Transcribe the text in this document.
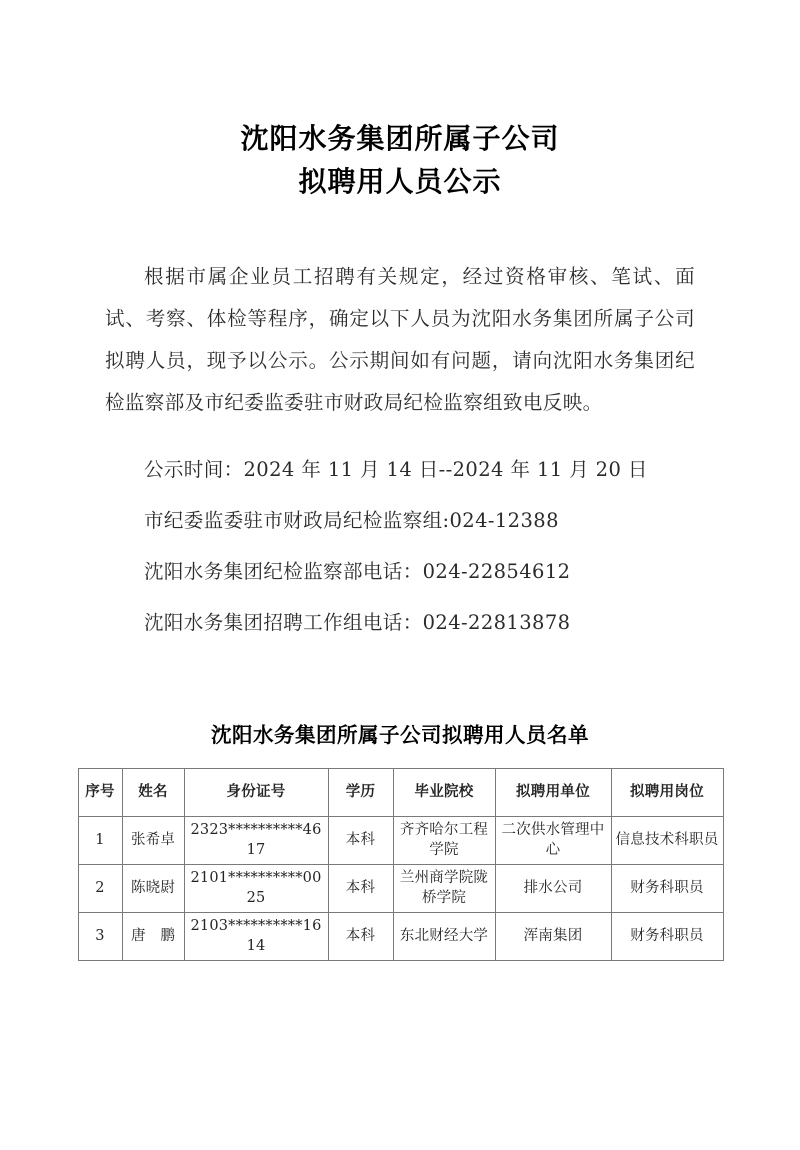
沈阳水务集团所属子公司
拟聘用人员公示

根据市属企业员工招聘有关规定，经过资格审核、笔试、面试、考察、体检等程序，确定以下人员为沈阳水务集团所属子公司拟聘人员，现予以公示。公示期间如有问题，请向沈阳水务集团纪检监察部及市纪委监委驻市财政局纪检监察组致电反映。

公示时间：2024 年 11 月 14 日--2024 年 11 月 20 日
市纪委监委驻市财政局纪检监察组:024-12388
沈阳水务集团纪检监察部电话：024-22854612
沈阳水务集团招聘工作组电话：024-22813878
沈阳水务集团所属子公司拟聘用人员名单
序号	姓名	身份证号	学历	毕业院校	拟聘用单位	拟聘用岗位
1	张希卓	2323**********4617	本科	齐齐哈尔工程学院	二次供水管理中心	信息技术科职员
2	陈晓㷉	2101**********0025	本科	兰州商学院陇桥学院	排水公司	财务科职员
3	唐　鹏	2103**********1614	本科	东北财经大学	浑南集团	财务科职员
